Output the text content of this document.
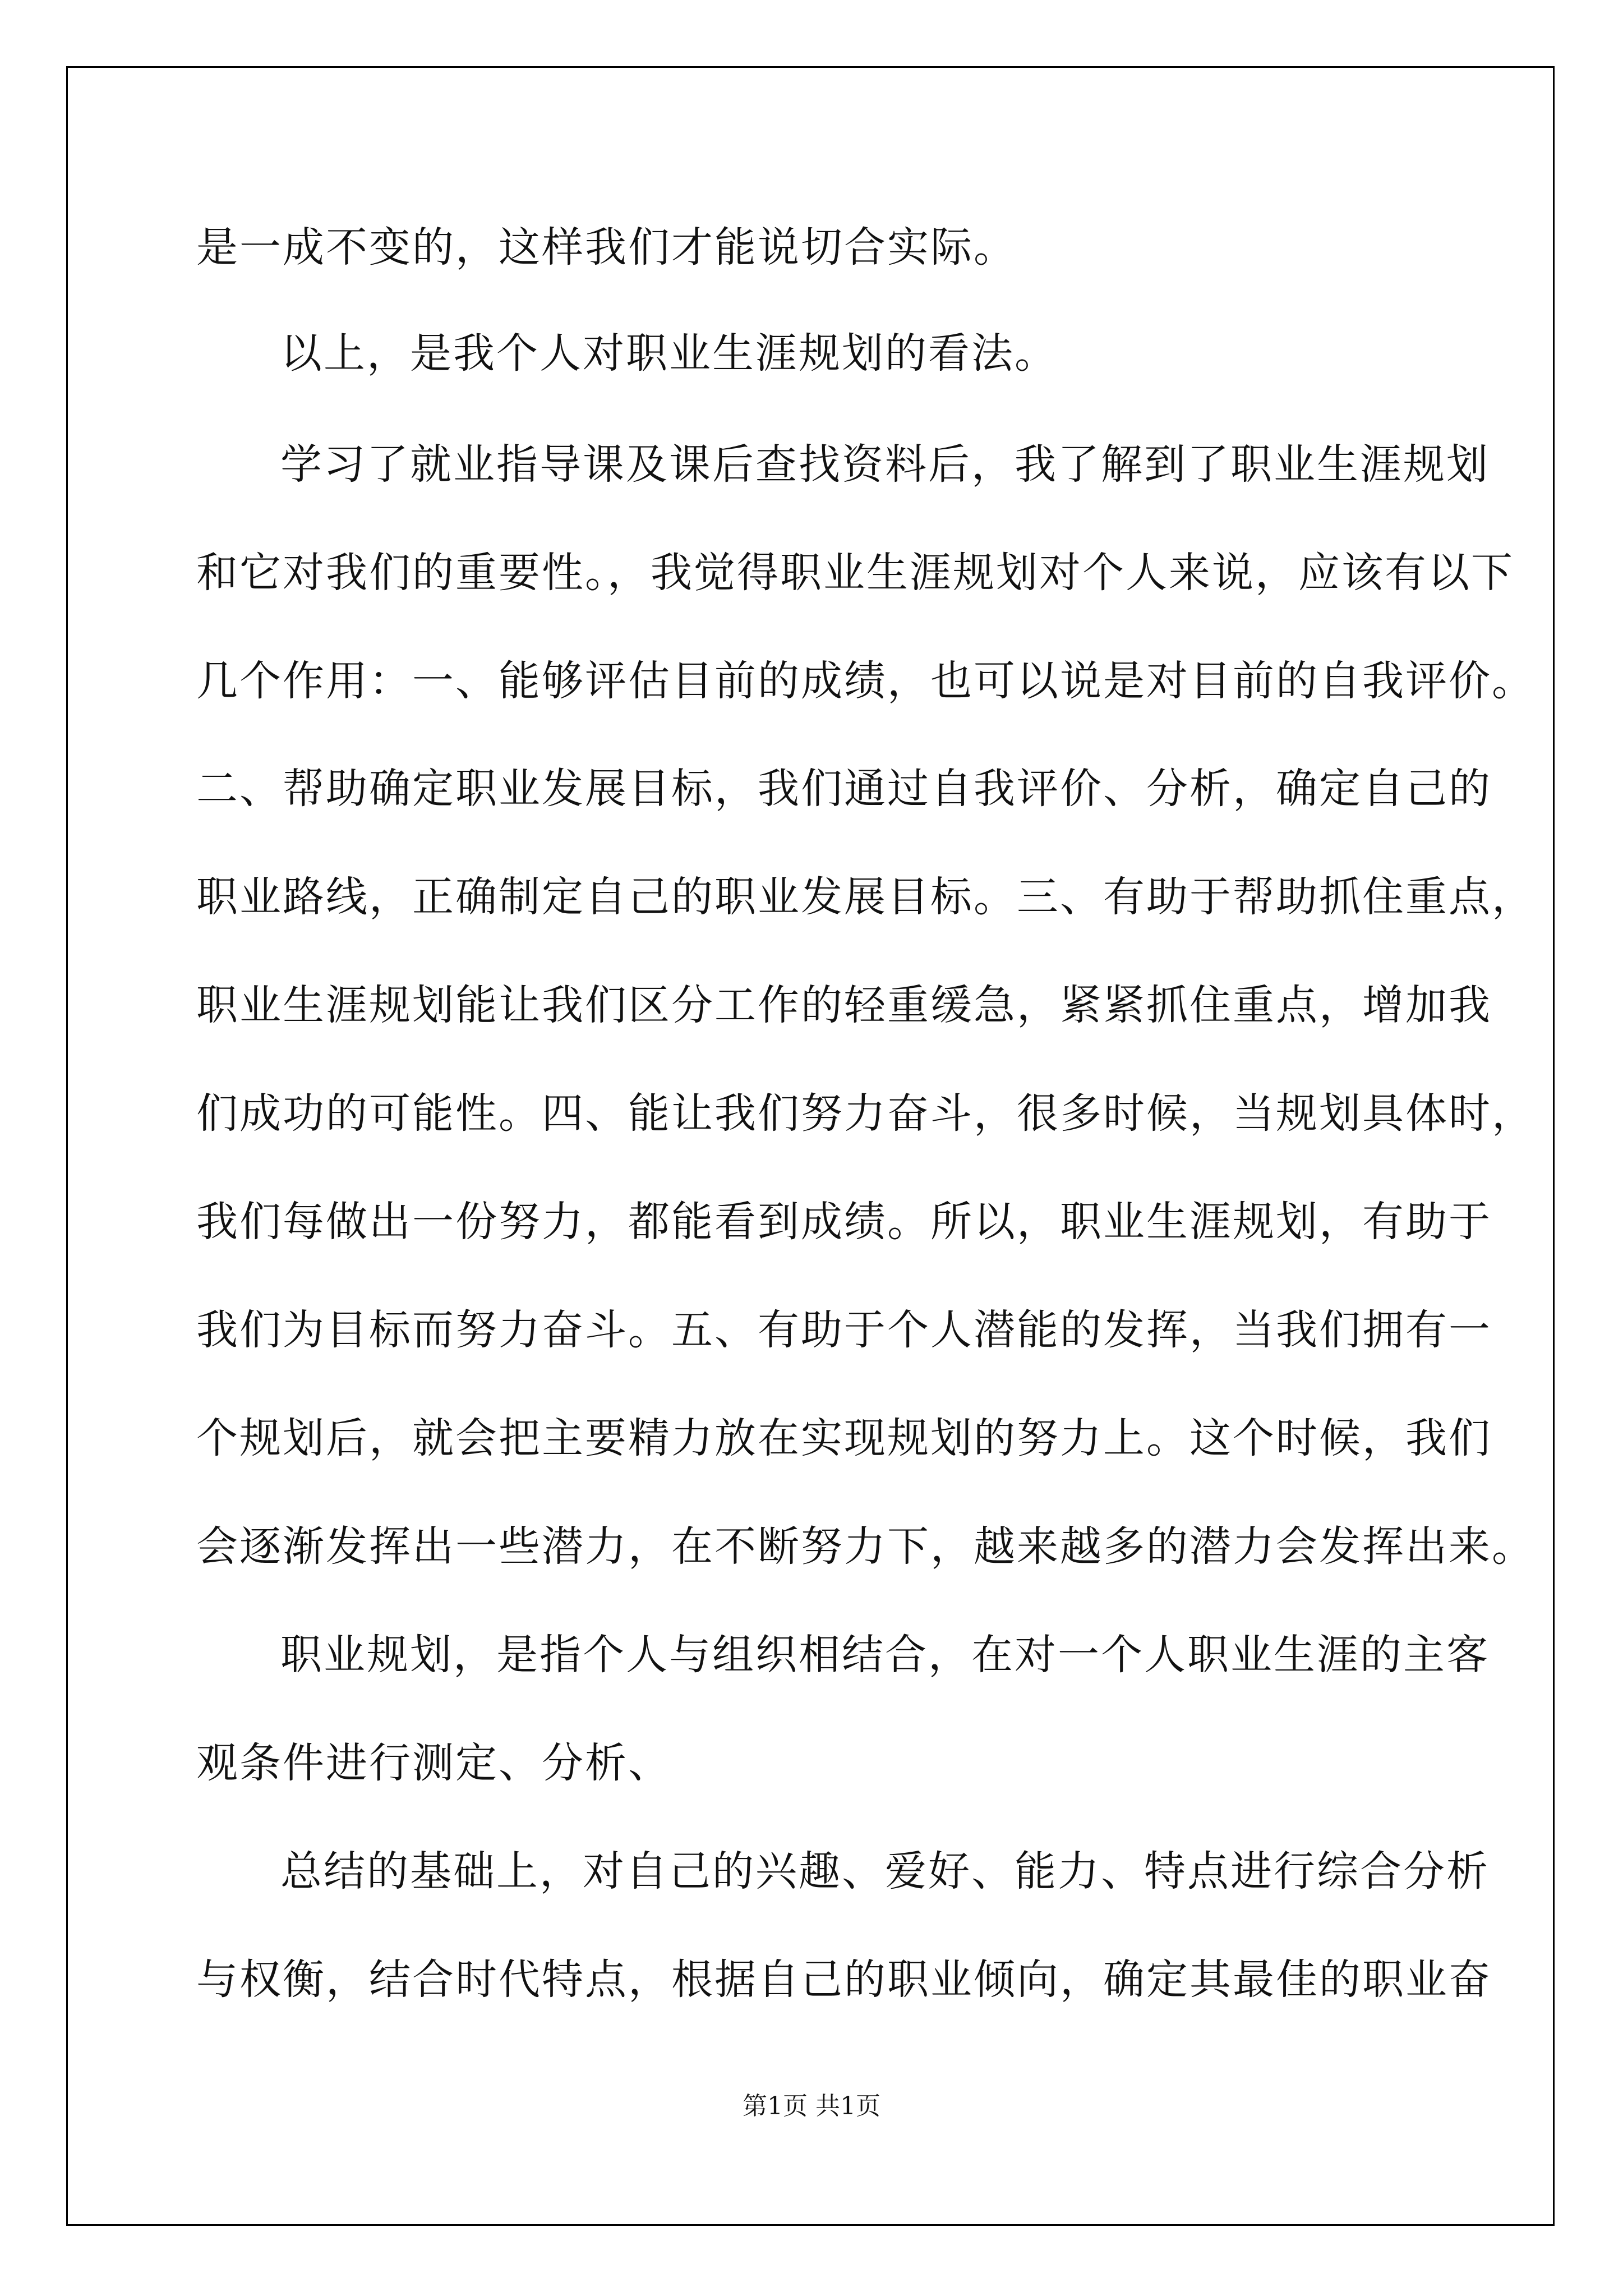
是一成不变的，这样我们才能说切合实际。
以上，是我个人对职业生涯规划的看法。
学习了就业指导课及课后查找资料后，我了解到了职业生涯规划
和它对我们的重要性。，我觉得职业生涯规划对个人来说，应该有以下
几个作用：一、能够评估目前的成绩，也可以说是对目前的自我评价。
二、帮助确定职业发展目标，我们通过自我评价、分析，确定自己的
职业路线，正确制定自己的职业发展目标。三、有助于帮助抓住重点，
职业生涯规划能让我们区分工作的轻重缓急，紧紧抓住重点，增加我
们成功的可能性。四、能让我们努力奋斗，很多时候，当规划具体时，
我们每做出一份努力，都能看到成绩。所以，职业生涯规划，有助于
我们为目标而努力奋斗。五、有助于个人潜能的发挥，当我们拥有一
个规划后，就会把主要精力放在实现规划的努力上。这个时候，我们
会逐渐发挥出一些潜力，在不断努力下，越来越多的潜力会发挥出来。
职业规划，是指个人与组织相结合，在对一个人职业生涯的主客
观条件进行测定、分析、
总结的基础上，对自己的兴趣、爱好、能力、特点进行综合分析
与权衡，结合时代特点，根据自己的职业倾向，确定其最佳的职业奋
第1页 共1页
